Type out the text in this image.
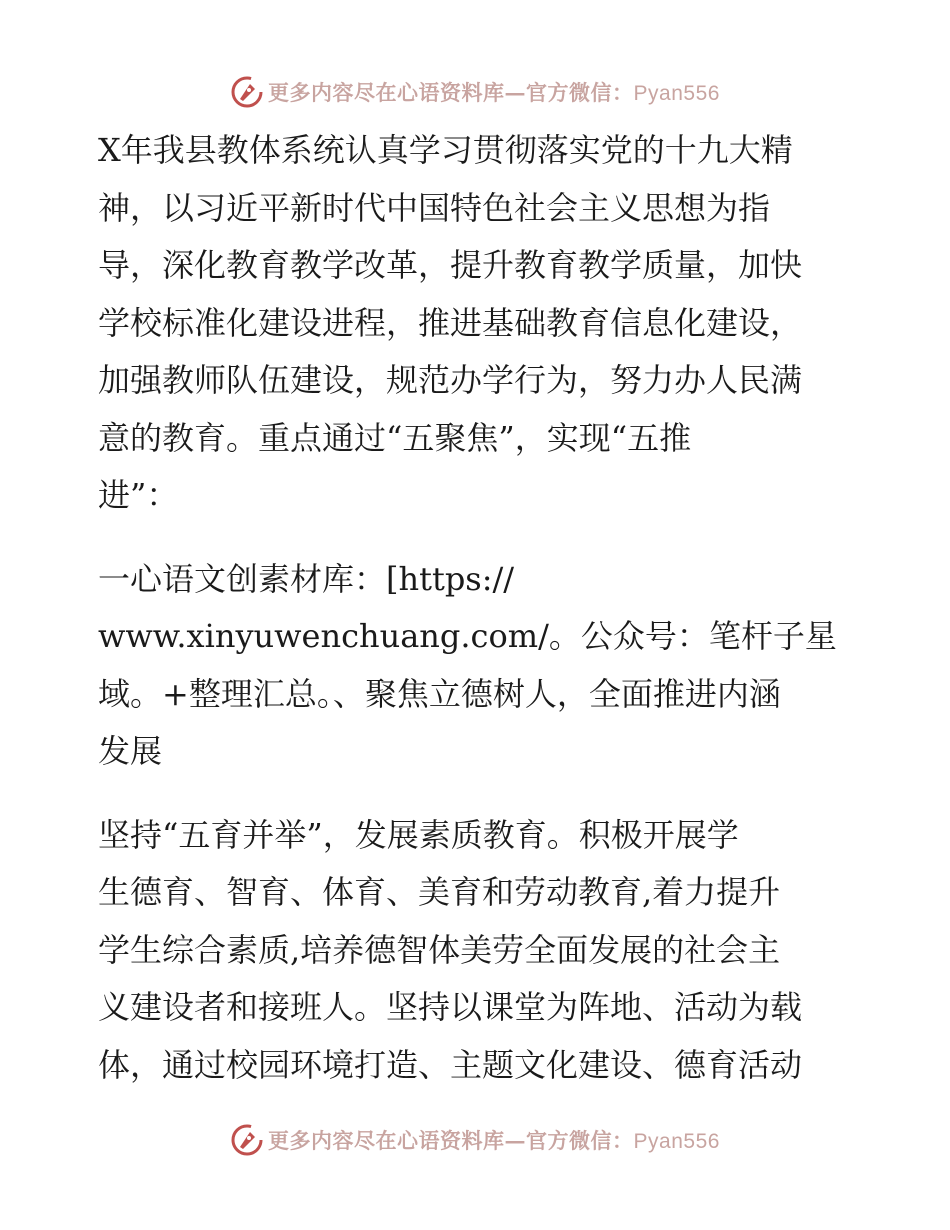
更多内容尽在心语资料库—官方微信：Pyan556

X年我县教体系统认真学习贯彻落实党的十九大精
神，以习近平新时代中国特色社会主义思想为指
导，深化教育教学改革，提升教育教学质量，加快
学校标准化建设进程，推进基础教育信息化建设，
加强教师队伍建设，规范办学行为，努力办人民满
意的教育。重点通过“五聚焦”，实现“五推
进”：

一心语文创素材库：[https://
www.xinyuwenchuang.com/。公众号：笔杆子星
域。+整理汇总。、聚焦立德树人，全面推进内涵
发展

坚持“五育并举”，发展素质教育。积极开展学
生德育、智育、体育、美育和劳动教育,着力提升
学生综合素质,培养德智体美劳全面发展的社会主
义建设者和接班人。坚持以课堂为阵地、活动为载
体，通过校园环境打造、主题文化建设、德育活动

更多内容尽在心语资料库—官方微信：Pyan556
